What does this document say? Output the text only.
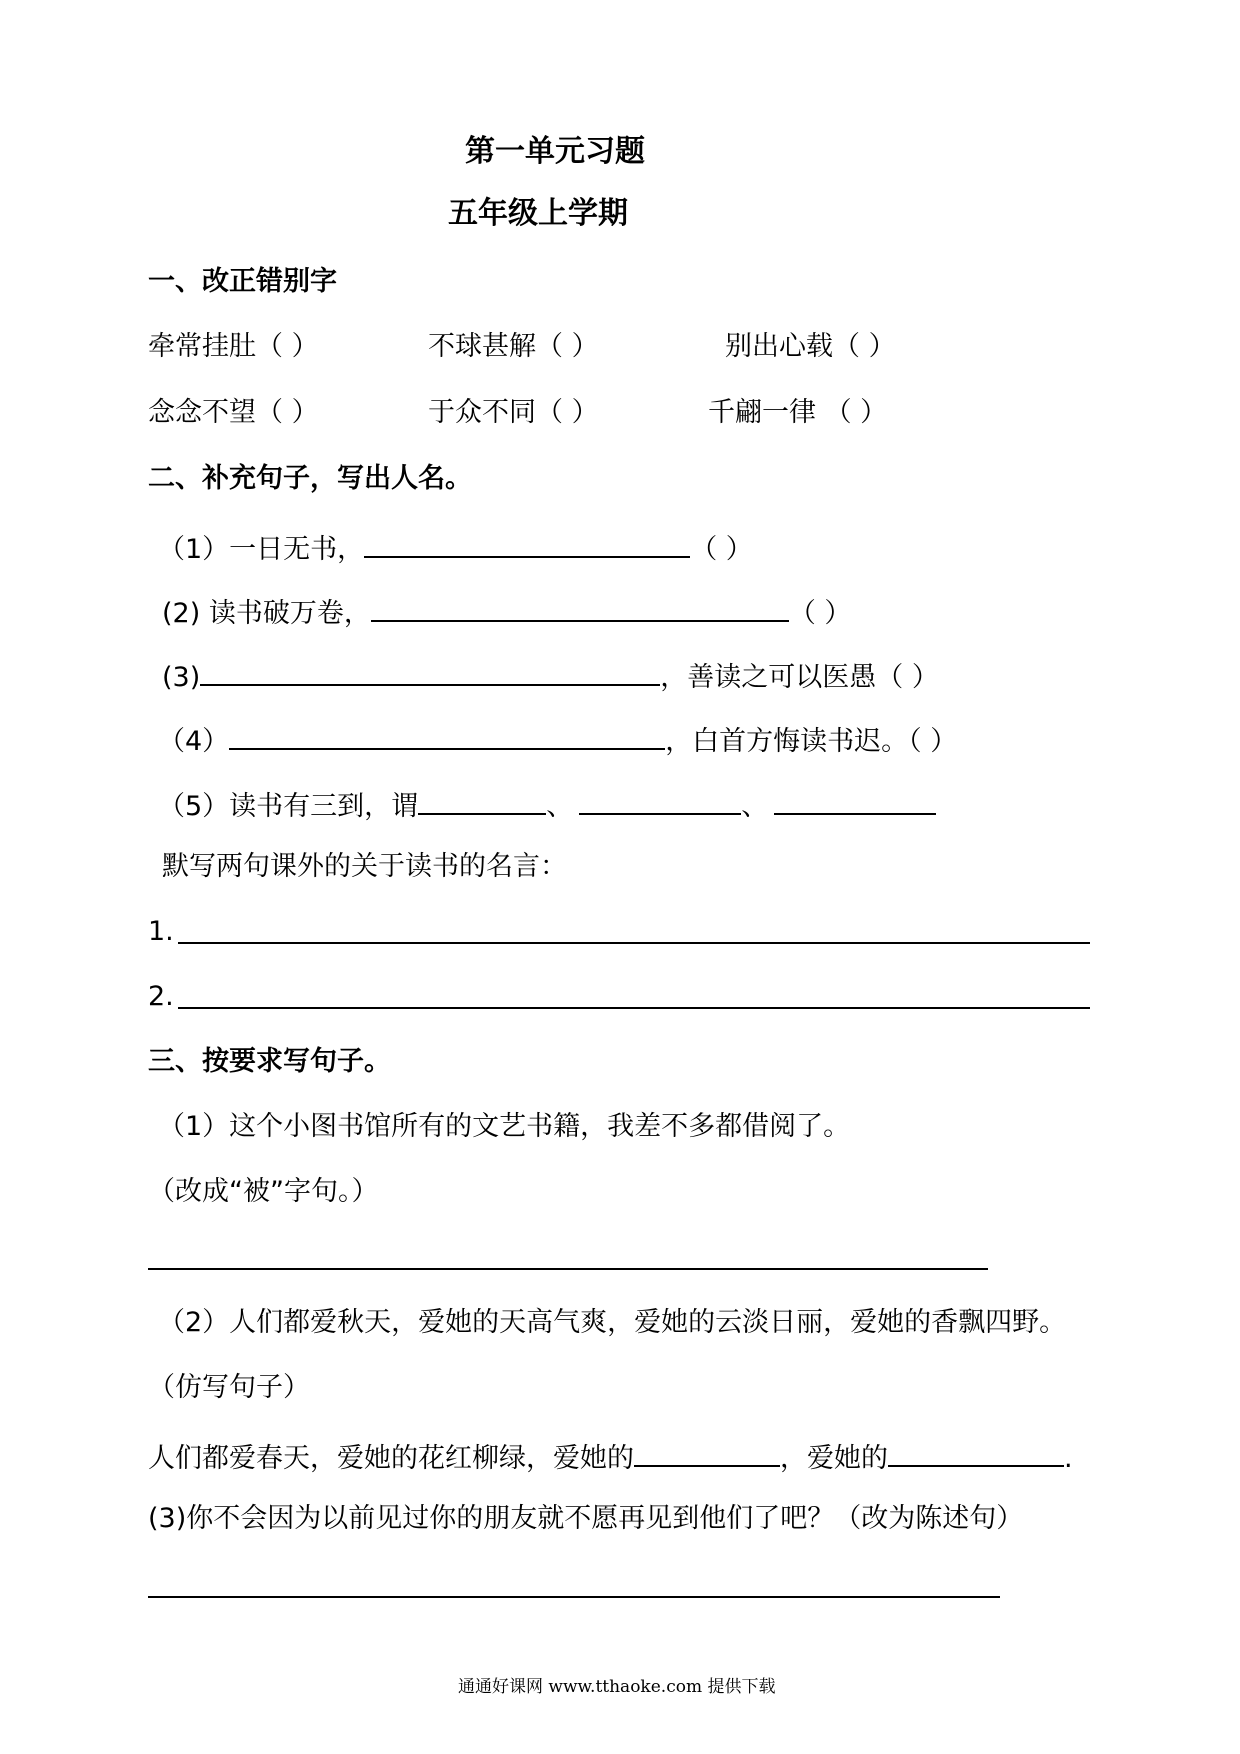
第一单元习题
五年级上学期
一、改正错别字
牵常挂肚（ ）	不球甚解（ ）	别出心载（ ）
念念不望（ ）	于众不同（ ）	千翩一律 （ ）
二、补充句子，写出人名。
（1）一日无书，	（ ）
(2) 读书破万卷，	（ ）
(3)	，善读之可以医愚（ ）
（4）	，白首方悔读书迟。（ ）
（5）读书有三到，谓	、	、
默写两句课外的关于读书的名言：
1.
2.
三、按要求写句子。
（1）这个小图书馆所有的文艺书籍，我差不多都借阅了。
（改成“被”字句。）
（2）人们都爱秋天，爱她的天高气爽，爱她的云淡日丽，爱她的香飘四野。
（仿写句子）
人们都爱春天，爱她的花红柳绿，爱她的	，爱她的	.
(3)你不会因为以前见过你的朋友就不愿再见到他们了吧？（改为陈述句）
通通好课网 www.tthaoke.com 提供下载
